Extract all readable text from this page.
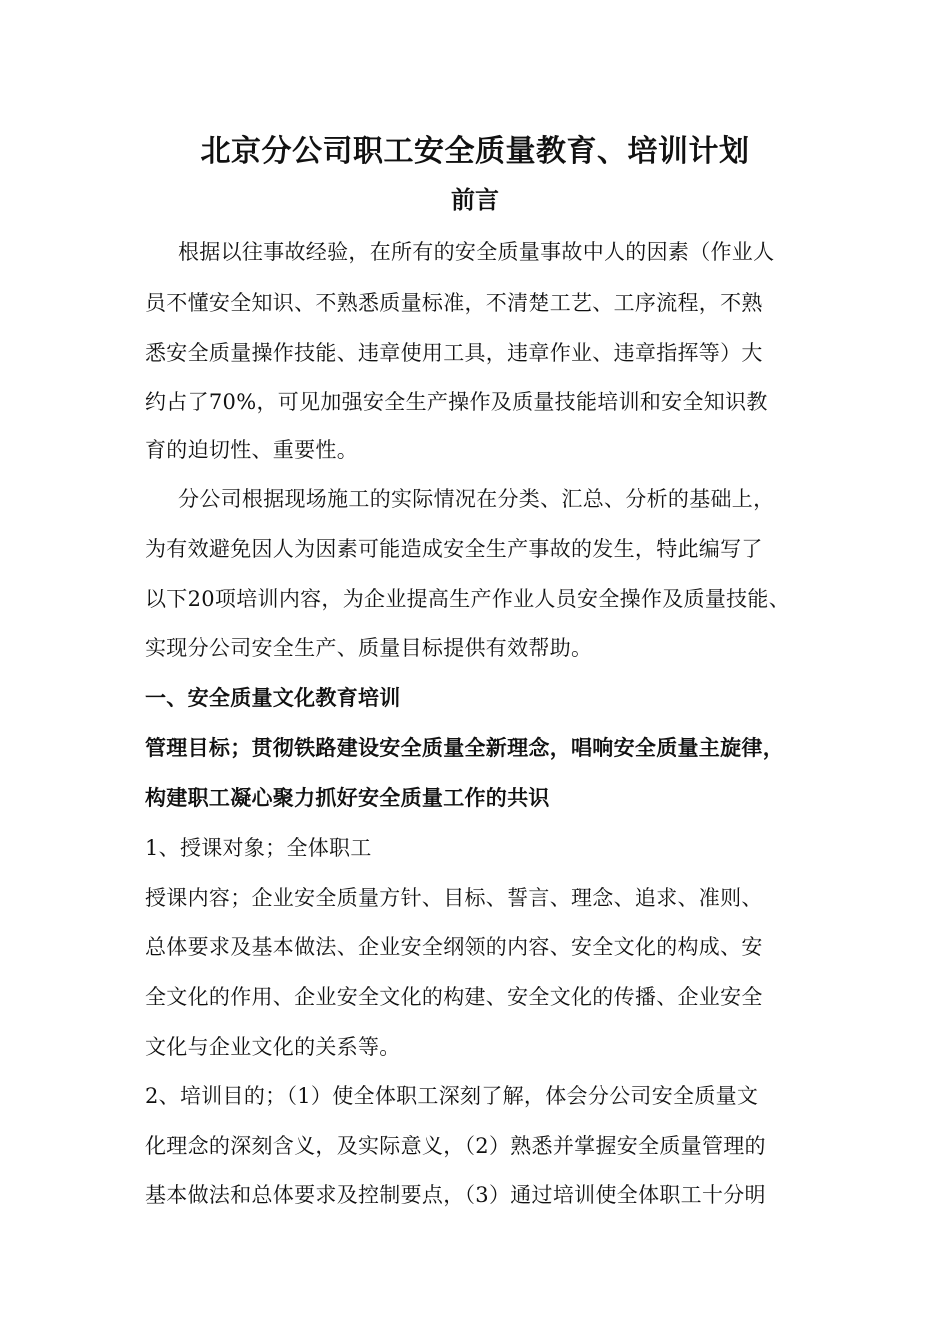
北京分公司职工安全质量教育、培训计划
前言
根据以往事故经验，在所有的安全质量事故中人的因素（作业人
员不懂安全知识、不熟悉质量标准，不清楚工艺、工序流程，不熟
悉安全质量操作技能、违章使用工具，违章作业、违章指挥等）大
约占了70%，可见加强安全生产操作及质量技能培训和安全知识教
育的迫切性、重要性。
分公司根据现场施工的实际情况在分类、汇总、分析的基础上，
为有效避免因人为因素可能造成安全生产事故的发生，特此编写了
以下20项培训内容，为企业提高生产作业人员安全操作及质量技能、
实现分公司安全生产、质量目标提供有效帮助。
一、安全质量文化教育培训
管理目标；贯彻铁路建设安全质量全新理念，唱响安全质量主旋律，
构建职工凝心聚力抓好安全质量工作的共识
1、授课对象；全体职工
授课内容；企业安全质量方针、目标、誓言、理念、追求、准则、
总体要求及基本做法、企业安全纲领的内容、安全文化的构成、安
全文化的作用、企业安全文化的构建、安全文化的传播、企业安全
文化与企业文化的关系等。
2、培训目的；（1）使全体职工深刻了解，体会分公司安全质量文
化理念的深刻含义，及实际意义，（2）熟悉并掌握安全质量管理的
基本做法和总体要求及控制要点，（3）通过培训使全体职工十分明
